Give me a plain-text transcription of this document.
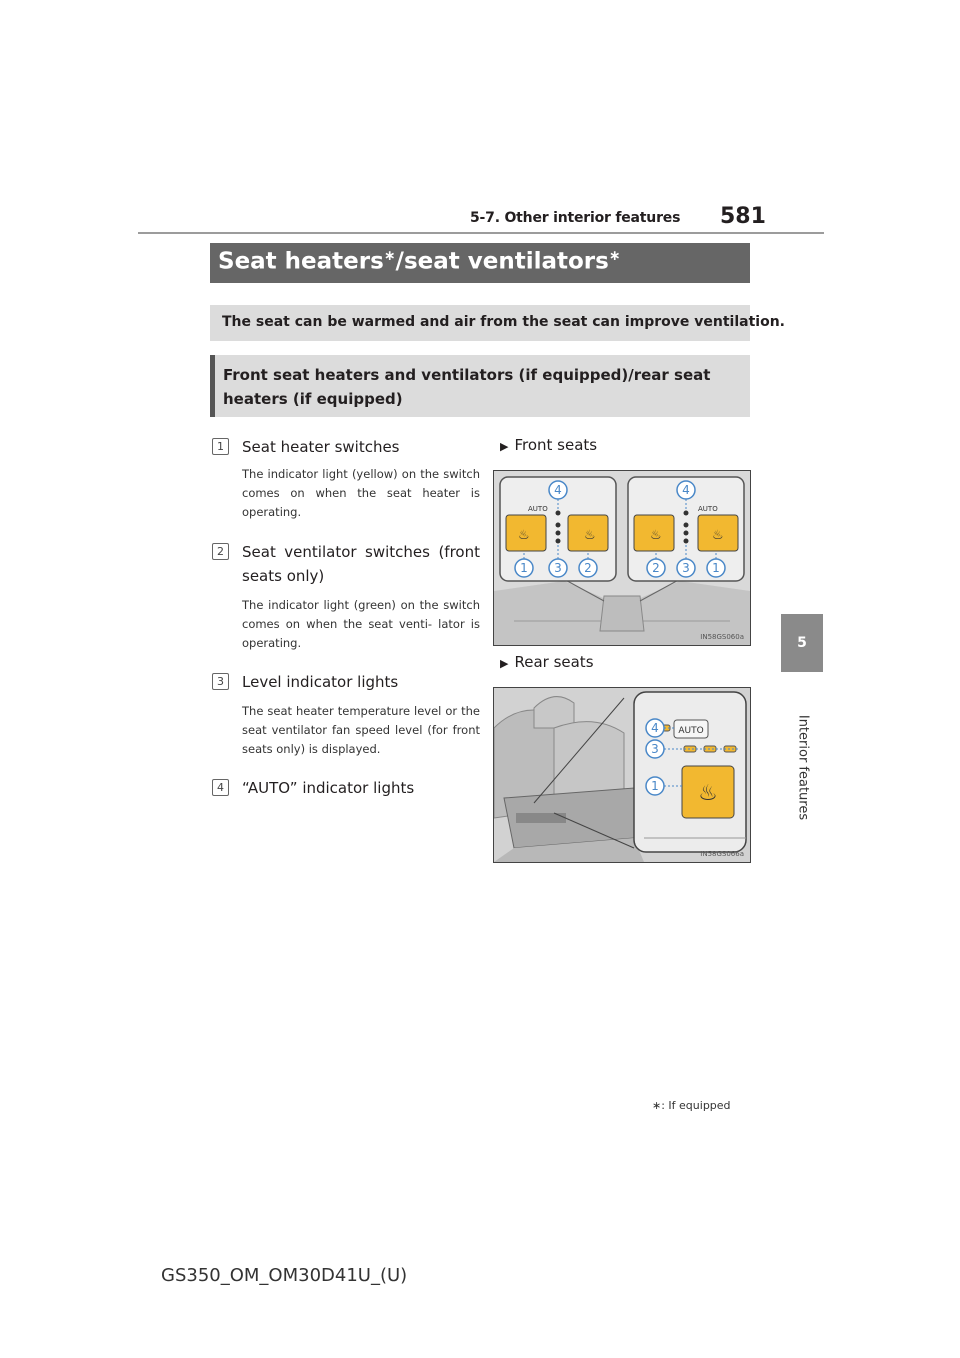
5-7. Other interior features 581
5
Interior features
Seat heaters∗/seat ventilators∗
The seat can be warmed and air from the seat can improve ventilation.
Front seat heaters and ventilators (if equipped)/rear seat heaters (if equipped)
1	Seat heater switches
The indicator light (yellow) on the switch comes on when the seat heater is operating.
2	Seat ventilator switches (front seats only)
The indicator light (green) on the switch comes on when the seat venti- lator is operating.
3	Level indicator lights
The seat heater temperature level or the seat ventilator fan speed level (for front seats only) is displayed.
4	“AUTO” indicator lights
▶ Front seats
♨	♨
AUTO
♨	♨
AUTO
4
1 3 2
4
2 3 1
IN58GS060a
▶ Rear seats
AUTO
♨
4
3
1
IN58GS066a
∗: If equipped
GS350_OM_OM30D41U_(U)
